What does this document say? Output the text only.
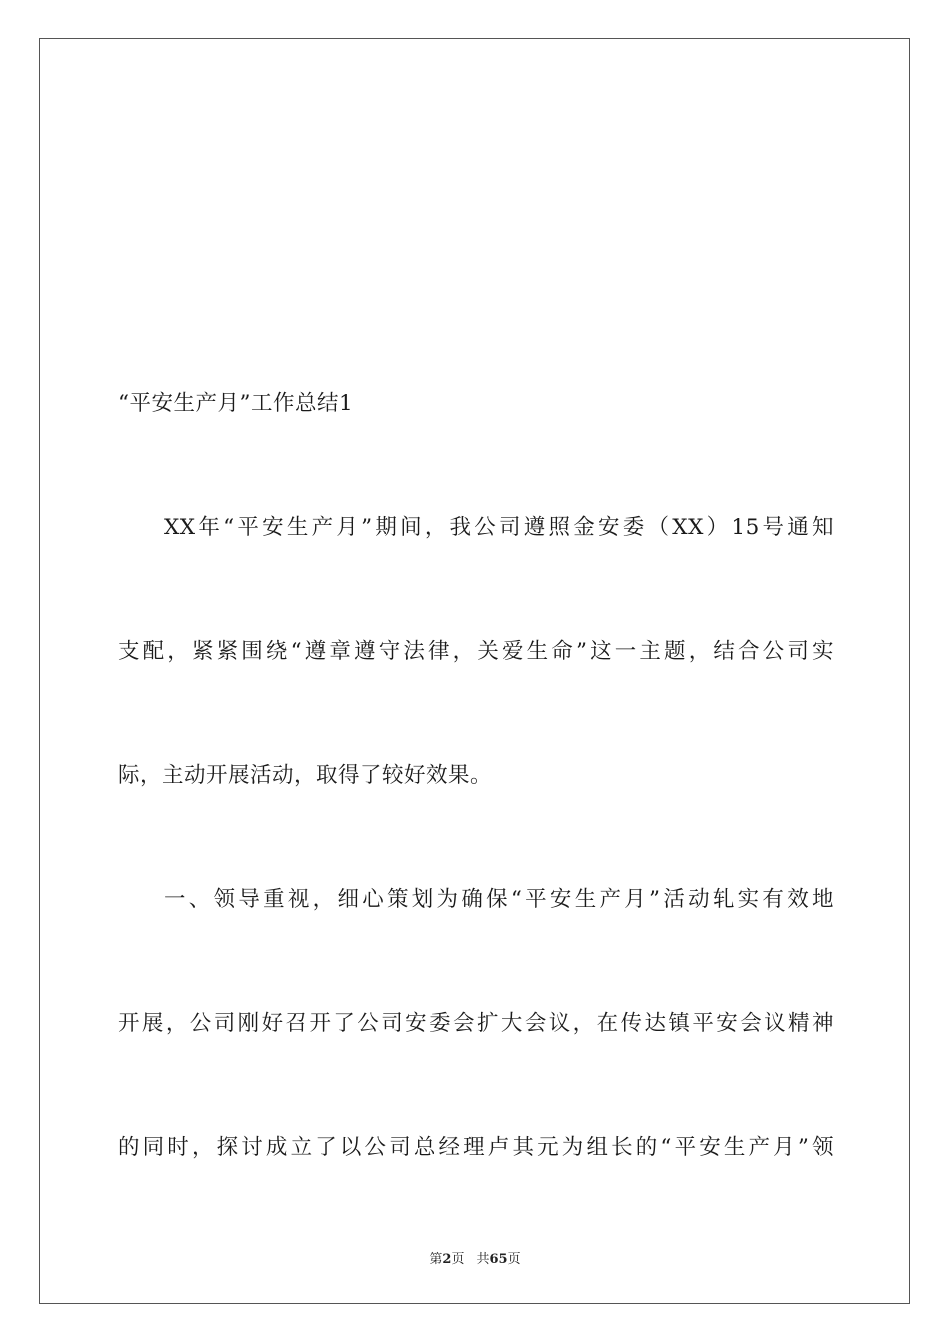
“平安生产月”工作总结1
XX年“平安生产月”期间，我公司遵照金安委（XX）15号通知
支配，紧紧围绕“遵章遵守法律，关爱生命”这一主题，结合公司实
际，主动开展活动，取得了较好效果。
一、领导重视，细心策划为确保“平安生产月”活动轧实有效地
开展，公司刚好召开了公司安委会扩大会议，在传达镇平安会议精神
的同时，探讨成立了以公司总经理卢其元为组长的“平安生产月”领
第2页 共65页
